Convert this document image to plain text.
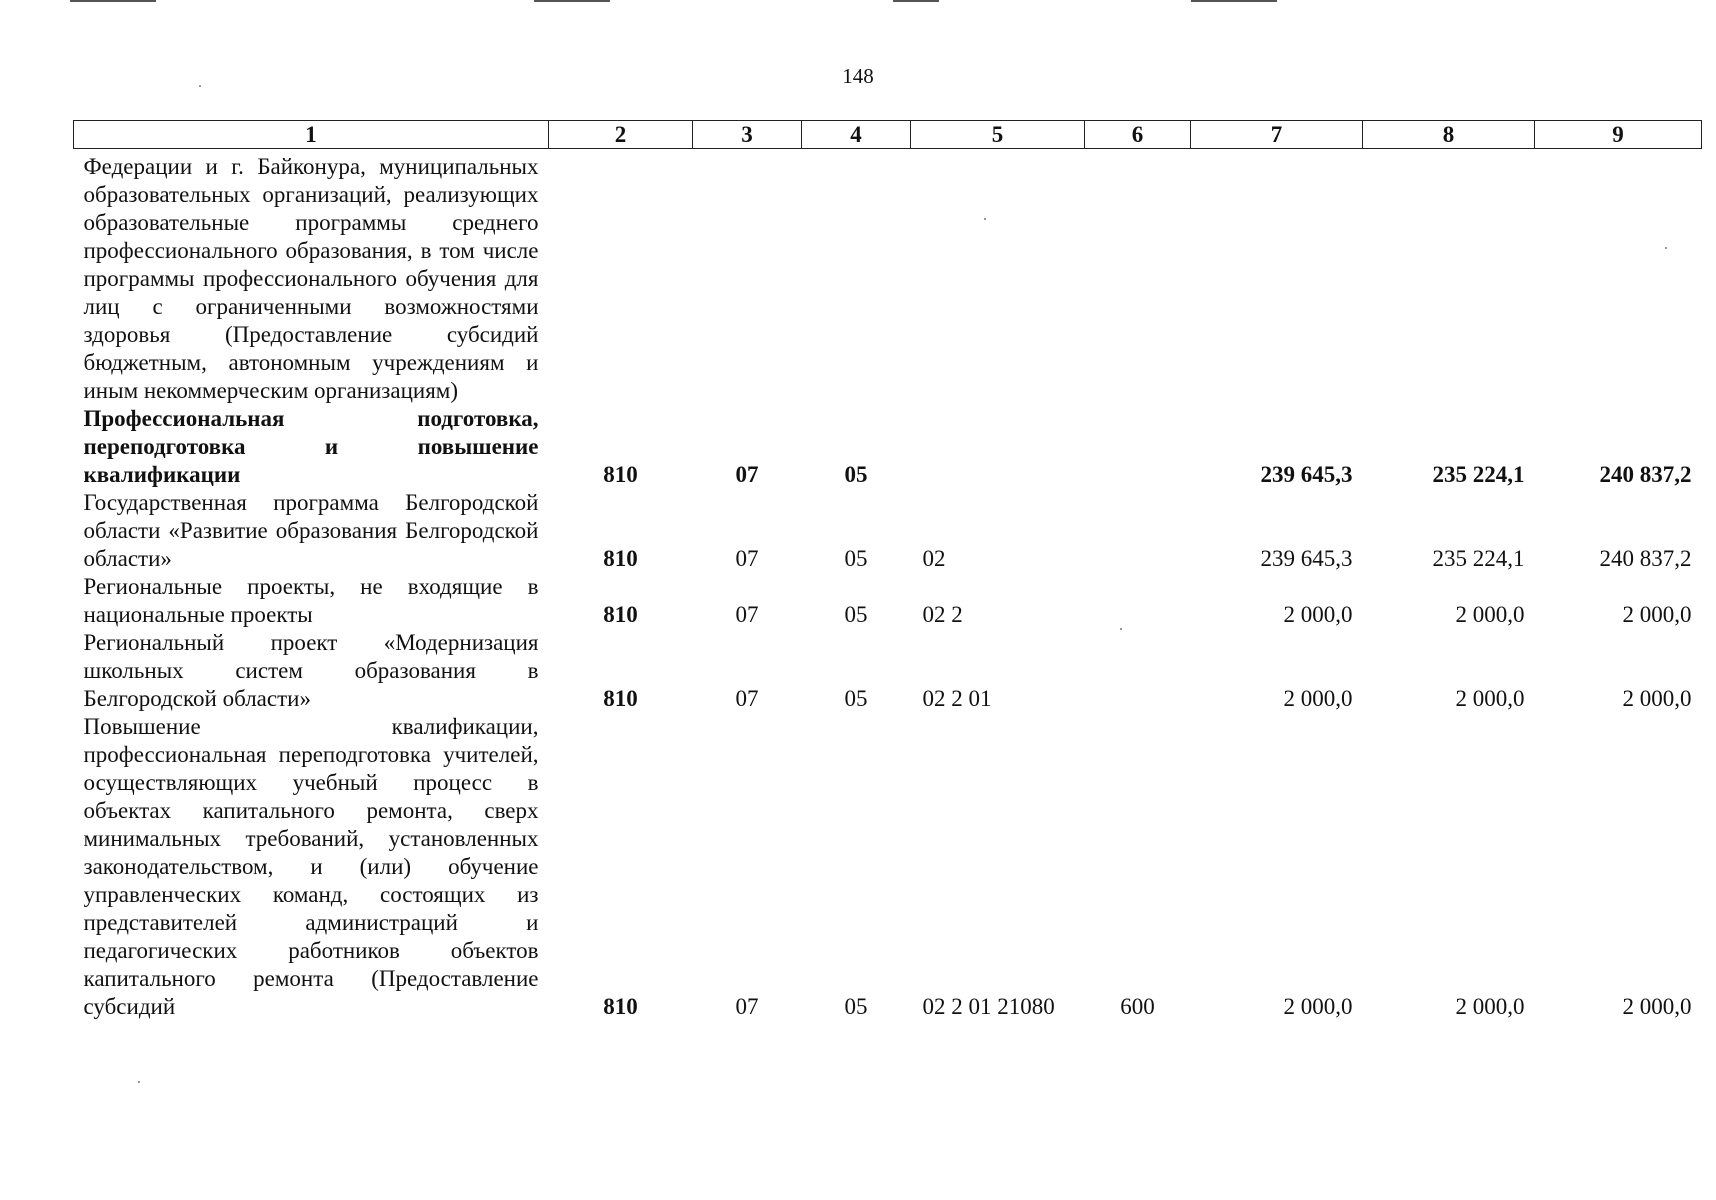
148
1	2	3	4	5	6	7	8	9
Федерации и г. Байконура, муниципальных образовательных организаций, реализующих образовательные программы среднего профессионального образования, в том числе программы профессионального обучения для лиц с ограниченными возможностями здоровья (Предоставление субсидий бюджетным, автономным учреждениям и иным некоммерческим организациям)								
Профессиональная подготовка, переподготовка и повышение квалификации	810	07	05			239 645,3	235 224,1	240 837,2
Государственная программа Белгородской области «Развитие образования Белгородской области»	810	07	05	02		239 645,3	235 224,1	240 837,2
Региональные проекты, не входящие в национальные проекты	810	07	05	02 2		2 000,0	2 000,0	2 000,0
Региональный проект «Модернизация школьных систем образования в Белгородской области»	810	07	05	02 2 01		2 000,0	2 000,0	2 000,0
Повышение квалификации, профессиональная переподготовка учителей, осуществляющих учебный процесс в объектах капитального ремонта, сверх минимальных требований, установленных законодательством, и (или) обучение управленческих команд, состоящих из представителей администраций и педагогических работников объектов капитального ремонта (Предоставление субсидий	810	07	05	02 2 01 21080	600	2 000,0	2 000,0	2 000,0
